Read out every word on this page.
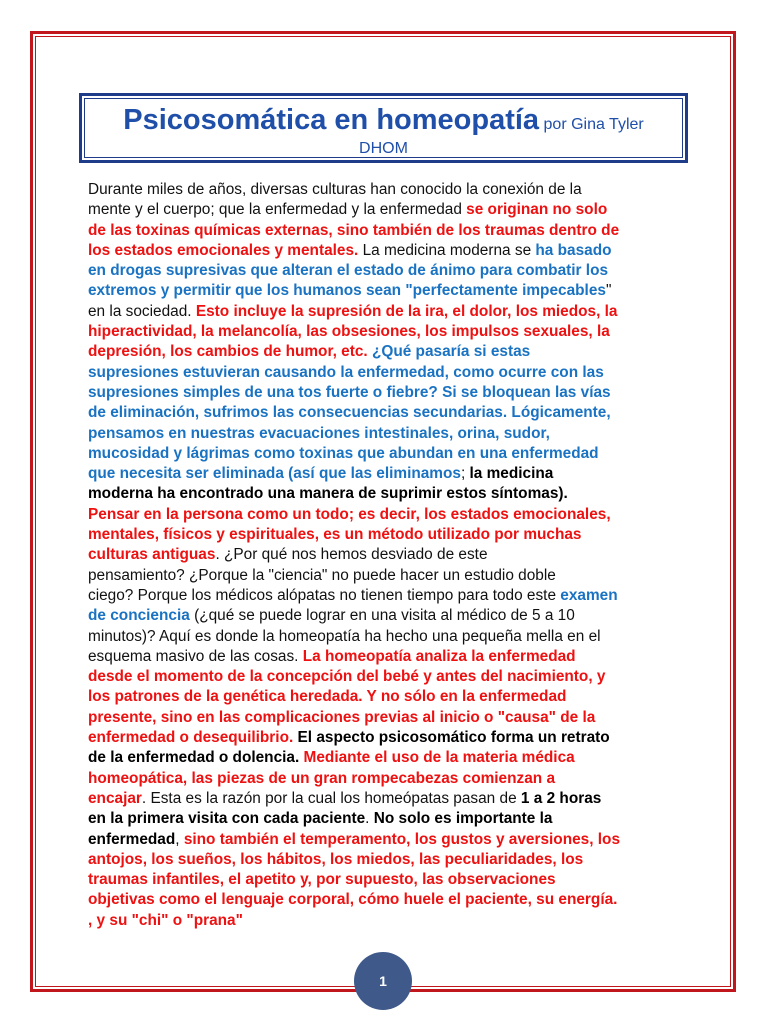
Psicosomática en homeopatía por Gina Tyler
DHOM
Durante miles de años, diversas culturas han conocido la conexión de la
mente y el cuerpo; que la enfermedad y la enfermedad se originan no solo
de las toxinas químicas externas, sino también de los traumas dentro de
los estados emocionales y mentales. La medicina moderna se ha basado
en drogas supresivas que alteran el estado de ánimo para combatir los
extremos y permitir que los humanos sean "perfectamente impecables"
en la sociedad. Esto incluye la supresión de la ira, el dolor, los miedos, la
hiperactividad, la melancolía, las obsesiones, los impulsos sexuales, la
depresión, los cambios de humor, etc. ¿Qué pasaría si estas
supresiones estuvieran causando la enfermedad, como ocurre con las
supresiones simples de una tos fuerte o fiebre? Si se bloquean las vías
de eliminación, sufrimos las consecuencias secundarias. Lógicamente,
pensamos en nuestras evacuaciones intestinales, orina, sudor,
mucosidad y lágrimas como toxinas que abundan en una enfermedad
que necesita ser eliminada (así que las eliminamos; la medicina
moderna ha encontrado una manera de suprimir estos síntomas).
Pensar en la persona como un todo; es decir, los estados emocionales,
mentales, físicos y espirituales, es un método utilizado por muchas
culturas antiguas. ¿Por qué nos hemos desviado de este
pensamiento? ¿Porque la "ciencia" no puede hacer un estudio doble
ciego? Porque los médicos alópatas no tienen tiempo para todo este examen
de conciencia (¿qué se puede lograr en una visita al médico de 5 a 10
minutos)? Aquí es donde la homeopatía ha hecho una pequeña mella en el
esquema masivo de las cosas. La homeopatía analiza la enfermedad
desde el momento de la concepción del bebé y antes del nacimiento, y
los patrones de la genética heredada. Y no sólo en la enfermedad
presente, sino en las complicaciones previas al inicio o "causa" de la
enfermedad o desequilibrio. El aspecto psicosomático forma un retrato
de la enfermedad o dolencia. Mediante el uso de la materia médica
homeopática, las piezas de un gran rompecabezas comienzan a
encajar. Esta es la razón por la cual los homeópatas pasan de 1 a 2 horas
en la primera visita con cada paciente. No solo es importante la
enfermedad, sino también el temperamento, los gustos y aversiones, los
antojos, los sueños, los hábitos, los miedos, las peculiaridades, los
traumas infantiles, el apetito y, por supuesto, las observaciones
objetivas como el lenguaje corporal, cómo huele el paciente, su energía.
, y su "chi" o "prana"
1
